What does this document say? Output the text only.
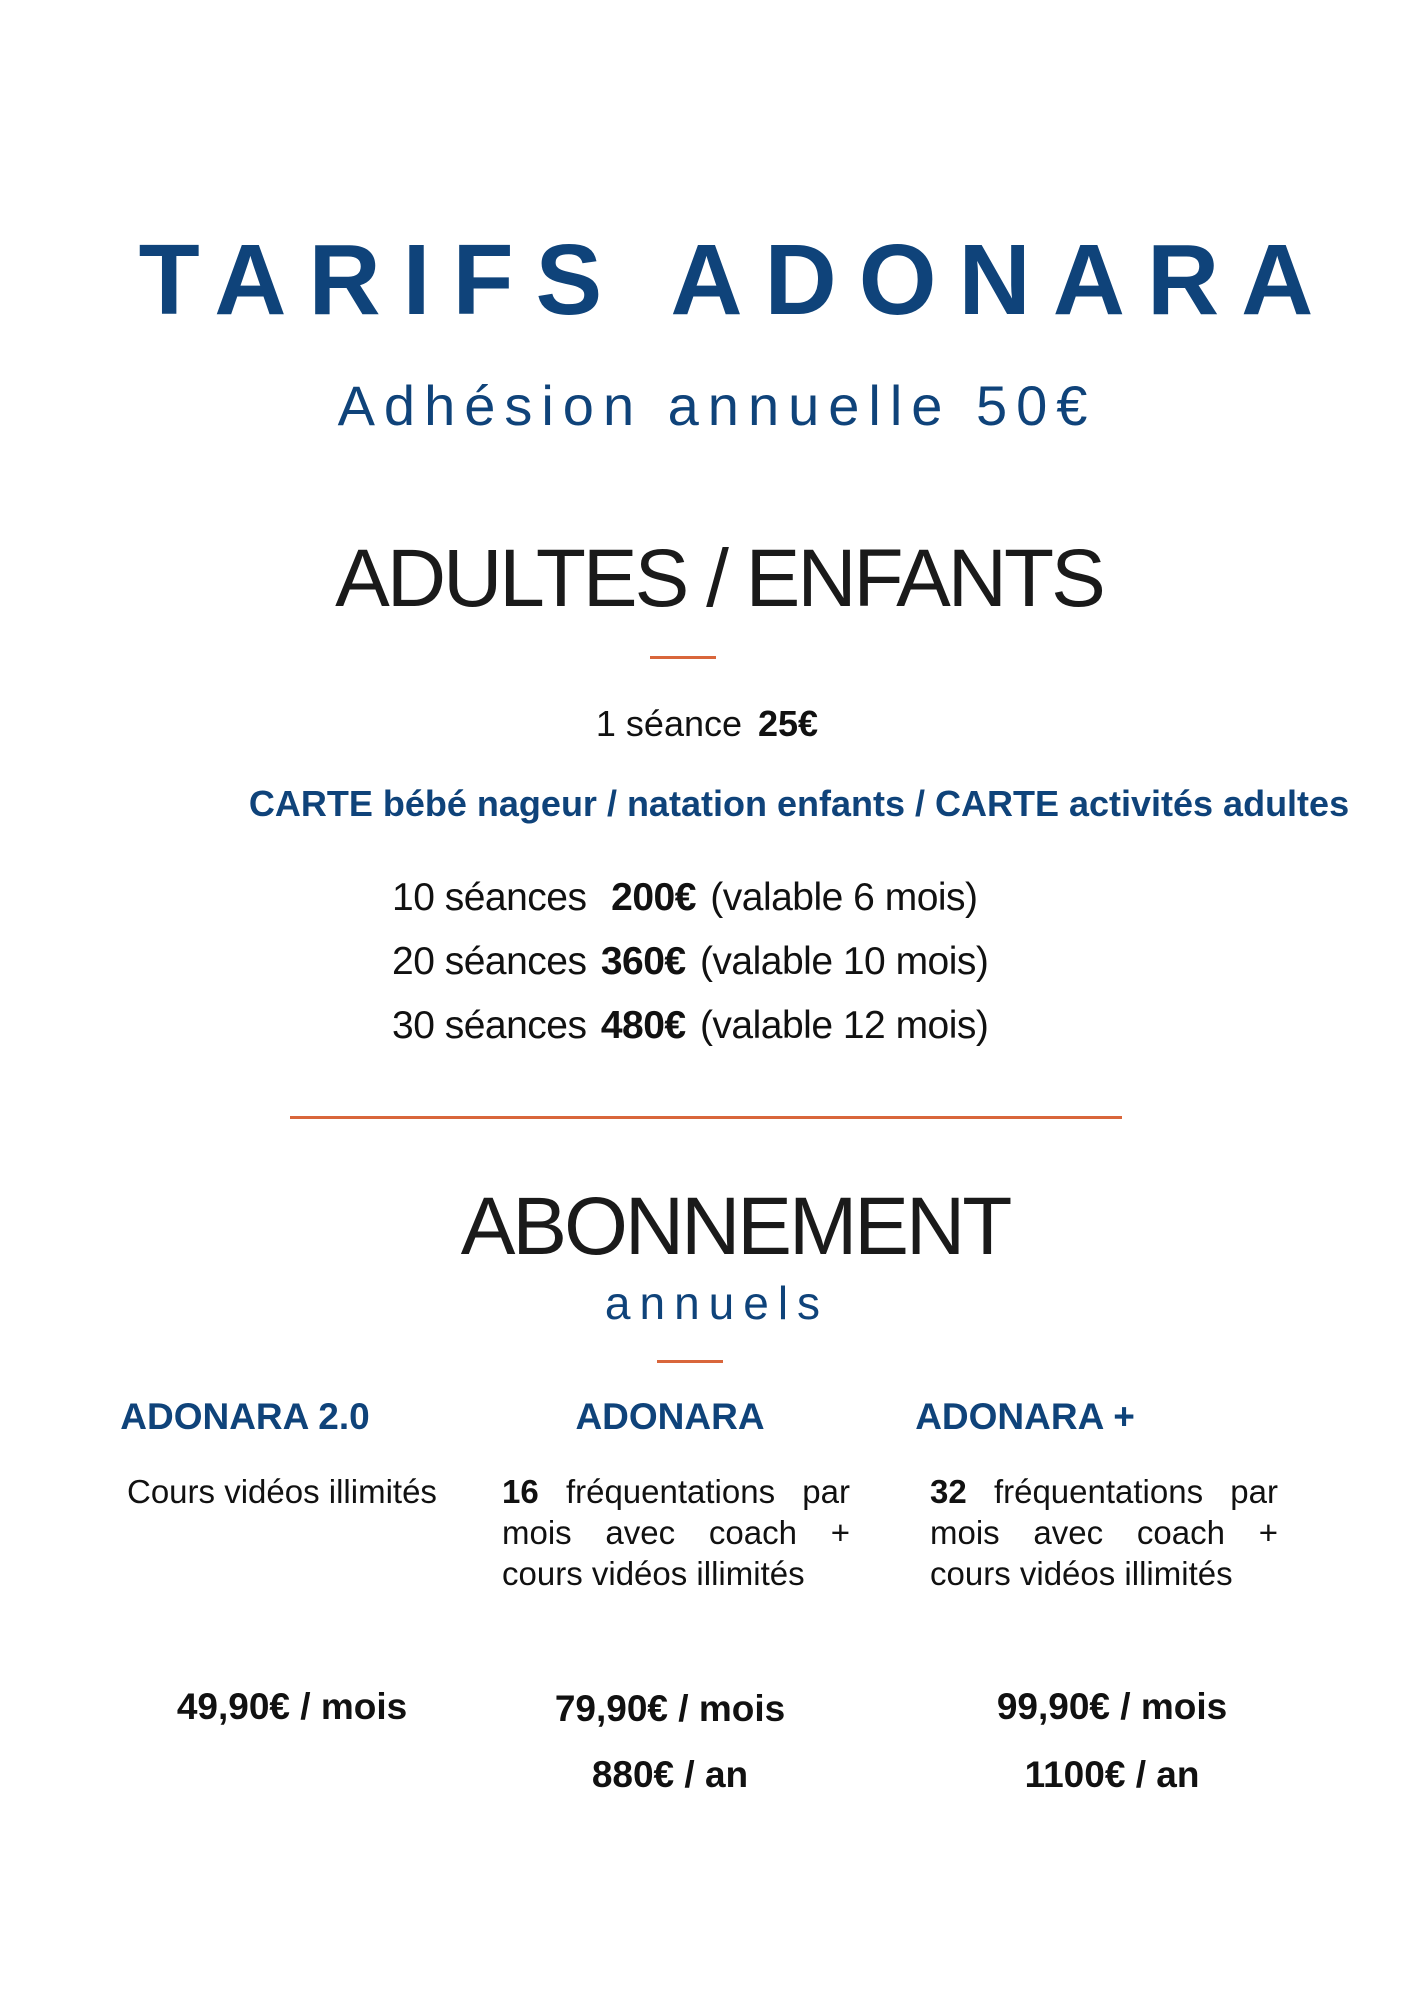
TARIFS ADONARA
Adhésion annuelle 50€
ADULTES / ENFANTS
1 séance 25€
CARTE bébé nageur / natation enfants / CARTE activités adultes
10 séances 200€ (valable 6 mois)
20 séances 360€ (valable 10 mois)
30 séances 480€ (valable 12 mois)
ABONNEMENT
annuels
ADONARA 2.0
Cours vidéos illimités
ADONARA
16 fréquentations par mois avec coach + cours vidéos illimités
ADONARA +
32 fréquentations par mois avec coach + cours vidéos illimités
49,90€ / mois	79,90€ / mois
880€ / an
99,90€ / mois
1100€ / an
